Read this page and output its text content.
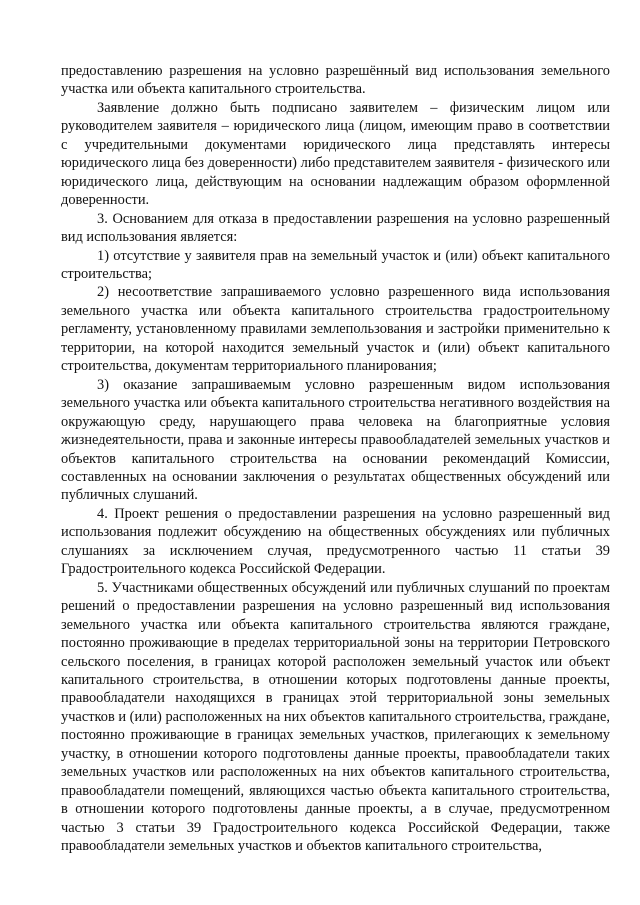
предоставлению разрешения на условно разрешённый вид использования земельного участка или объекта капитального строительства.

Заявление должно быть подписано заявителем – физическим лицом или руководителем заявителя – юридического лица (лицом, имеющим право в соответствии с учредительными документами юридического лица представлять интересы юридического лица без доверенности) либо представителем заявителя - физического или юридического лица, действующим на основании надлежащим образом оформленной доверенности.

3. Основанием для отказа в предоставлении разрешения на условно разрешенный вид использования является:

1) отсутствие у заявителя прав на земельный участок и (или) объект капитального строительства;

2) несоответствие запрашиваемого условно разрешенного вида использования земельного участка или объекта капитального строительства градостроительному регламенту, установленному правилами землепользования и застройки применительно к территории, на которой находится земельный участок и (или) объект капитального строительства, документам территориального планирования;

3) оказание запрашиваемым условно разрешенным видом использования земельного участка или объекта капитального строительства негативного воздействия на окружающую среду, нарушающего права человека на благоприятные условия жизнедеятельности, права и законные интересы правообладателей земельных участков и объектов капитального строительства на основании рекомендаций Комиссии, составленных на основании заключения о результатах общественных обсуждений или публичных слушаний.

4. Проект решения о предоставлении разрешения на условно разрешенный вид использования подлежит обсуждению на общественных обсуждениях или публичных слушаниях за исключением случая, предусмотренного частью 11 статьи 39 Градостроительного кодекса Российской Федерации.

5. Участниками общественных обсуждений или публичных слушаний по проектам решений о предоставлении разрешения на условно разрешенный вид использования земельного участка или объекта капитального строительства являются граждане, постоянно проживающие в пределах территориальной зоны на территории Петровского сельского поселения, в границах которой расположен земельный участок или объект капитального строительства, в отношении которых подготовлены данные проекты, правообладатели находящихся в границах этой территориальной зоны земельных участков и (или) расположенных на них объектов капитального строительства, граждане, постоянно проживающие в границах земельных участков, прилегающих к земельному участку, в отношении которого подготовлены данные проекты, правообладатели таких земельных участков или расположенных на них объектов капитального строительства, правообладатели помещений, являющихся частью объекта капитального строительства, в отношении которого подготовлены данные проекты, а в случае, предусмотренном частью 3 статьи 39 Градостроительного кодекса Российской Федерации, также правообладатели земельных участков и объектов капитального строительства,
